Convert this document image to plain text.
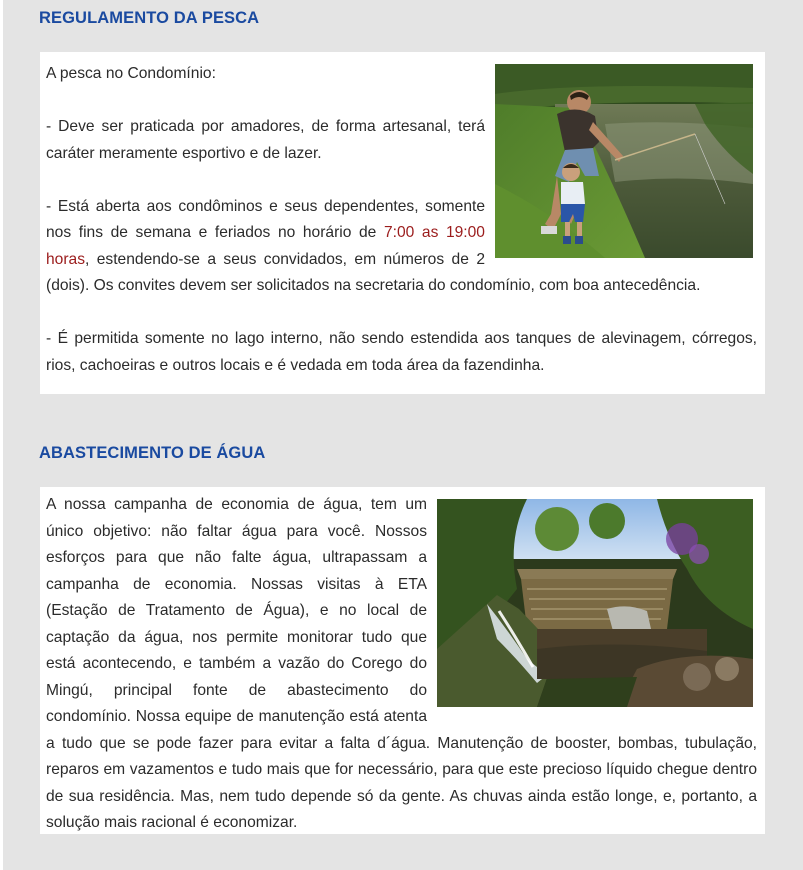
REGULAMENTO DA PESCA

A pesca no Condomínio:

- Deve ser praticada por amadores, de forma artesanal, terá caráter meramente esportivo e de lazer.

- Está aberta aos condôminos e seus dependentes, somente nos fins de semana e feriados no horário de 7:00 as 19:00 horas, estendendo-se a seus convidados, em números de 2 (dois). Os convites devem ser solicitados na secretaria do condomínio, com boa antecedência.

- É permitida somente no lago interno, não sendo estendida aos tanques de alevinagem, córregos, rios, cachoeiras e outros locais e é vedada em toda área da fazendinha.

ABASTECIMENTO DE ÁGUA

A nossa campanha de economia de água, tem um único objetivo: não faltar água para você. Nossos esforços para que não falte água, ultrapassam a campanha de economia. Nossas visitas à ETA (Estação de Tratamento de Água), e no local de captação da água, nos permite monitorar tudo que está acontecendo, e também a vazão do Corego do Mingú, principal fonte de abastecimento do condomínio. Nossa equipe de manutenção está atenta a tudo que se pode fazer para evitar a falta d´água. Manutenção de booster, bombas, tubulação, reparos em vazamentos e tudo mais que for necessário, para que este precioso líquido chegue dentro de sua residência. Mas, nem tudo depende só da gente. As chuvas ainda estão longe, e, portanto, a solução mais racional é economizar.
